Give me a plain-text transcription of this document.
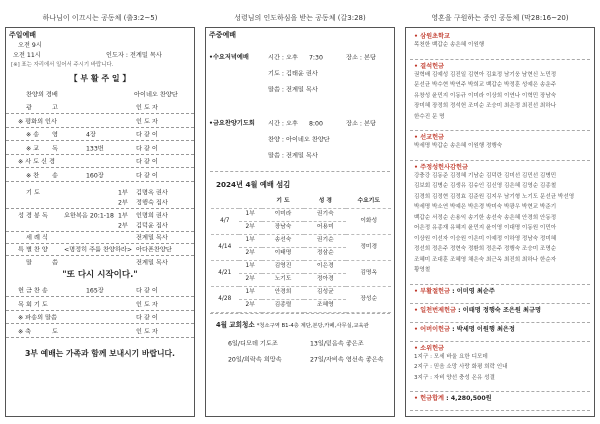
하나님이 이끄시는 공동체 (출3:2~5)	성령님의 인도하심을 받는 공동체 (갈3:28)	영혼을 구원하는 증인 공동체 (막28:16~20)
주일예배
오전 9시
오전 11시	인도자 : 전계밀 목사
[※] 표는 자리에서 일어서 주시기 바랍니다.
【 부 활 주 일 】
찬양의 경배	아이네오 찬양단
광	고	인 도 자
※ 평화의 인사	인 도 자
※ 송 영	4장	다 같 이
※ 교 독	133번	다 같 이
※ 사 도 신 경	다 같 이
※ 찬 송	160장	다 같 이
기 도	1부 김명옥 권사
2부 정행숙 집사
성 경 봉 독	요한복음 20:1-18 1부 인명희 권사
2부 김덕윤 집사
세 례 식	전계밀 목사
특 별 찬 양	<명정히 주를 찬양하라> 아다폰찬양단
말	씀	전계밀 목사
"또 다시 시작이다."
헌 금 찬 송	165장	다 같 이
목 회 기 도	인 도 자
※ 파송의 말씀	다 같 이
※ 축	도	인 도 자
3부 예배는 가족과 함께 보내시기 바랍니다.
주중예배
•수요저녁예배	시간 : 오후 7:30	장소 : 본당
기도 : 김태윤 권사
말씀 : 전계밀 목사
•금요찬양기도회 시간 : 오후 8:00	장소 : 본당
찬양 : 아이네오 찬양단
말씀 : 전계밀 목사
2024년 4월 예배 섬김
		기 도	성 경	수요기도
4/7	1부	이미라	권기숙	이화성
	2부	장남숙	어용미	
4/14	1부	송선숙	권기순	정미경
	2부	이태명	정삼순	
4/21	1부	김영진	이은경	김명옥
	2부	노기도	정아경	
4/28	1부	안경희	김성균	장성순
	2부	김종렬	조혜영	
4월 교회청소 *청소구역 B1-4층 계단,본당,카페,사무실,교육관
6일/디모데 기도조	13일/믿음속 좋은조
20일/희락속 희망속	27일/자비속 영선속 좋은속
• 삼원초학교
목천한 백갑순 송은혜 이원행
• 결석헌금
권혁배 김예성 김진일 김현아 김효정 남기웅 남현신 노민정
문선균 박수현 박연주 박희교 백갑순 박정훈 성예은 송운주
유창성 윤민지 이동규 이미라 이상희 이연나 이혁민 장남숙
장미혜 장정희 정석헌 조미순 조승미 최은정 최진선 최하나
한수진 문 명
• 선교헌금
박세명 박갑순 송은혜 이원행 정행숙
• 주정성헌사감헌금
강충강 김동준 김정혜 기남순 김덕란 김미선 김민선 김병민
김보회 김병순 김생유 김슈인 김신영 김은혜 김영순 김종철
김경희 김정현 김정효 김준원 김지우 남기형 노기도 문선균 박선영
박세명 박소연 박예은 박은경 박미숙 박광우 박현교 박준기
백갑순 서정순 손용익 송기한 송선숙 송은혜 안경희 안동정
어은정 유종재 유혜지 윤민지 윤이영 이대명 이동원 이민아
이상원 이선자 이승원 이은미 이예정 이하영 정남숙 정미혜
정선희 정은주 정현숙 정환희 정은주 정행숙 조승미 조명순
조혜미 조대훈 조혜영 채은숙 최근옥 최진희 최하나 한순자
황영철
• 부활절헌금 : 이미영 최순주
• 일천번제헌금 : 이태명 정행숙 조은원 최규명
• 어버이헌금 : 박세명 이원행 최은정
• 소위헌금
1지구 : 모세 바울 요한 디모데
2지구 : 믿음 소망 사랑 화평 희락 인내
3지구 : 자비 양선 충성 온유 성결
• 헌금합계 : 4,280,500원
